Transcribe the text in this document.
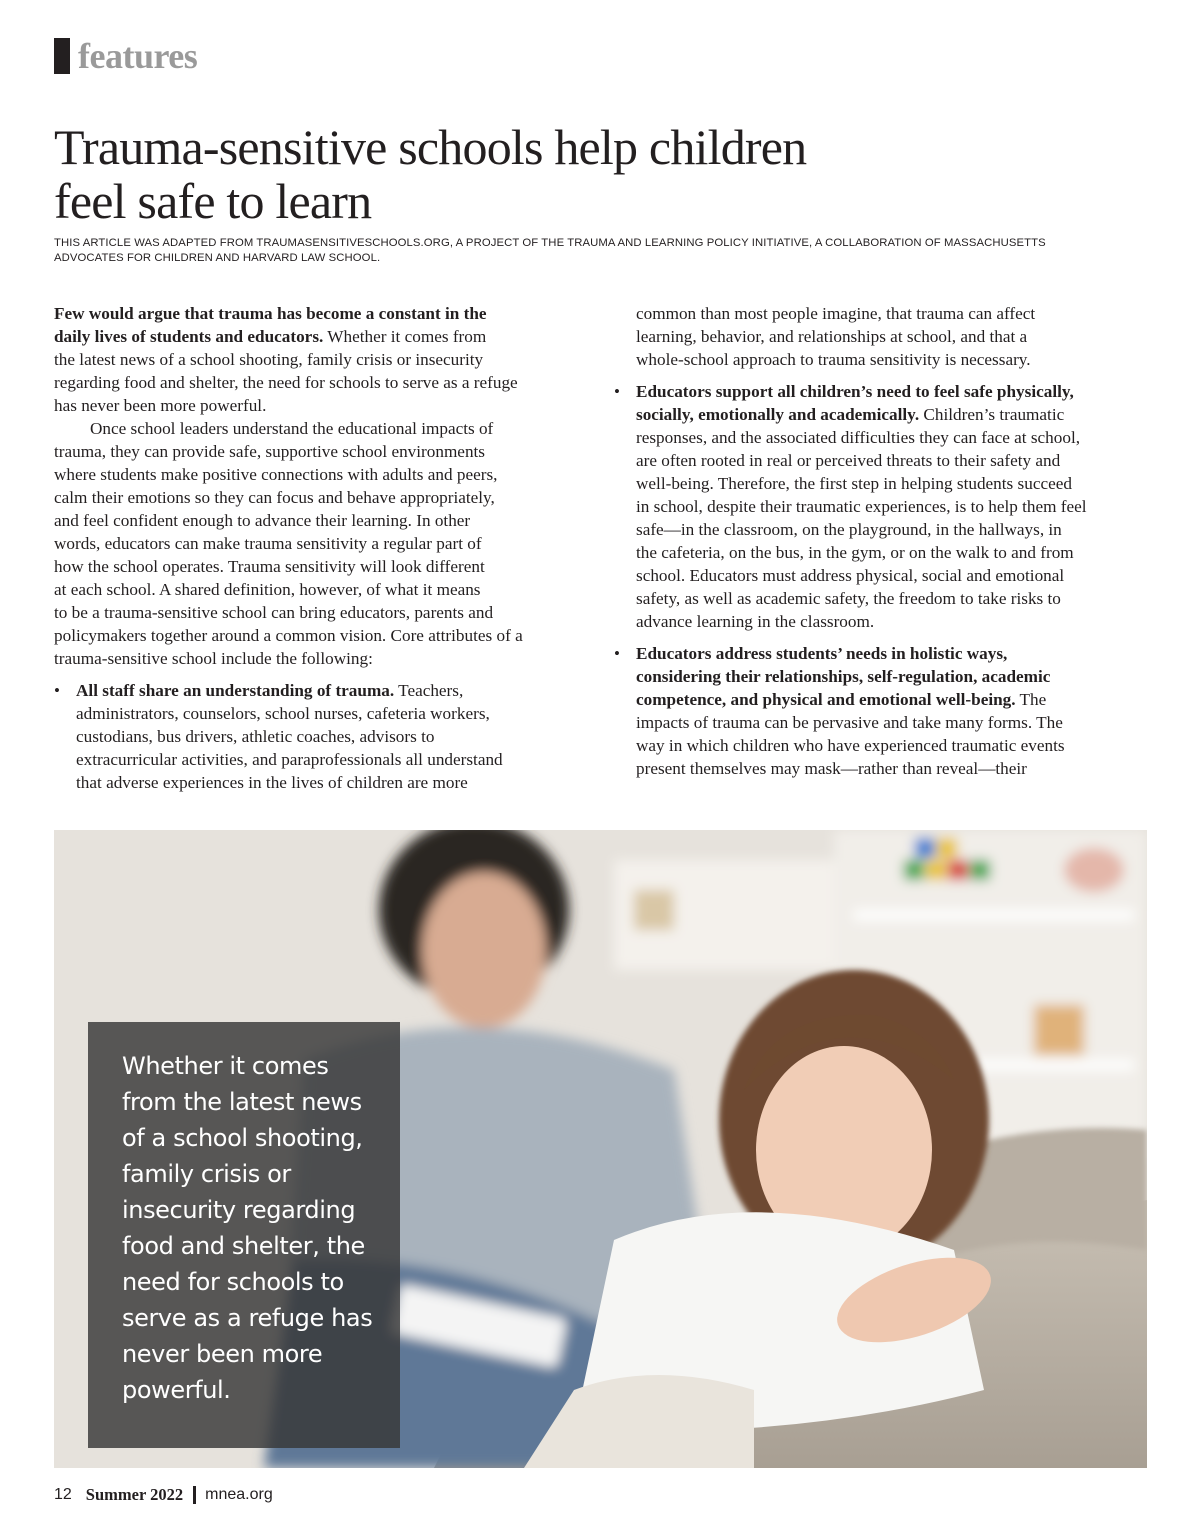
features
Trauma-sensitive schools help children
feel safe to learn
THIS ARTICLE WAS ADAPTED FROM TRAUMASENSITIVESCHOOLS.ORG, A PROJECT OF THE TRAUMA AND LEARNING POLICY INITIATIVE, A COLLABORATION OF MASSACHUSETTS
ADVOCATES FOR CHILDREN AND HARVARD LAW SCHOOL.
Few would argue that trauma has become a constant in the
daily lives of students and educators. Whether it comes from
the latest news of a school shooting, family crisis or insecurity
regarding food and shelter, the need for schools to serve as a refuge
has never been more powerful.
Once school leaders understand the educational impacts of
trauma, they can provide safe, supportive school environments
where students make positive connections with adults and peers,
calm their emotions so they can focus and behave appropriately,
and feel confident enough to advance their learning. In other
words, educators can make trauma sensitivity a regular part of
how the school operates. Trauma sensitivity will look different
at each school. A shared definition, however, of what it means
to be a trauma-sensitive school can bring educators, parents and
policymakers together around a common vision. Core attributes of a
trauma-sensitive school include the following:
• All staff share an understanding of trauma. Teachers,
administrators, counselors, school nurses, cafeteria workers,
custodians, bus drivers, athletic coaches, advisors to
extracurricular activities, and paraprofessionals all understand
that adverse experiences in the lives of children are more
common than most people imagine, that trauma can affect
learning, behavior, and relationships at school, and that a
whole-school approach to trauma sensitivity is necessary.
• Educators support all children’s need to feel safe physically,
socially, emotionally and academically. Children’s traumatic
responses, and the associated difficulties they can face at school,
are often rooted in real or perceived threats to their safety and
well-being. Therefore, the first step in helping students succeed
in school, despite their traumatic experiences, is to help them feel
safe—in the classroom, on the playground, in the hallways, in
the cafeteria, on the bus, in the gym, or on the walk to and from
school. Educators must address physical, social and emotional
safety, as well as academic safety, the freedom to take risks to
advance learning in the classroom.
• Educators address students’ needs in holistic ways,
considering their relationships, self-regulation, academic
competence, and physical and emotional well-being. The
impacts of trauma can be pervasive and take many forms. The
way in which children who have experienced traumatic events
present themselves may mask—rather than reveal—their
Whether it comes
from the latest news
of a school shooting,
family crisis or
insecurity regarding
food and shelter, the
need for schools to
serve as a refuge has
never been more
powerful.
12 Summer 2022 mnea.org
